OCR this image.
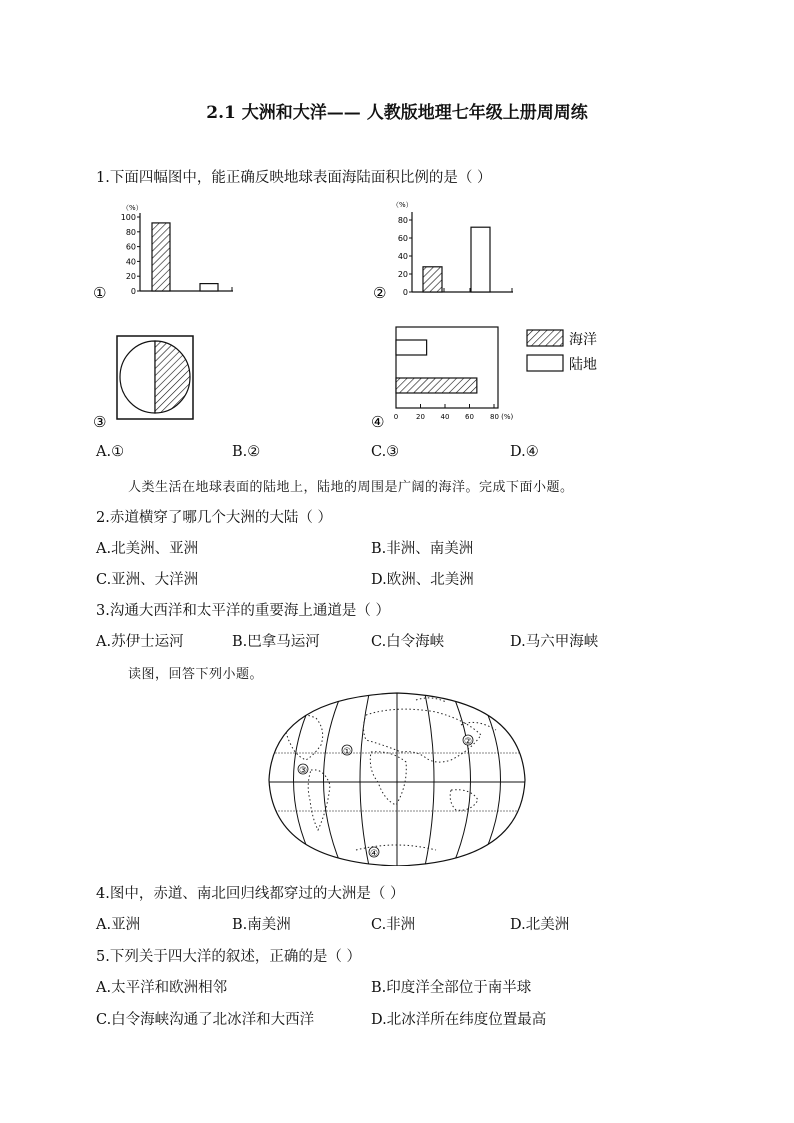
2.1 大洲和大洋—— 人教版地理七年级上册周周练
1.下面四幅图中，能正确反映地球表面海陆面积比例的是（ ）
（%）
100
80
60
40
20
0
①
（%）
80
60
40
20
0
②
③	0	20 40 60 80 (%)
④
海洋
陆地
A.①	B.②	C.③	D.④
人类生活在地球表面的陆地上，陆地的周围是广阔的海洋。完成下面小题。
2.赤道横穿了哪几个大洲的大陆（ ）
A.北美洲、亚洲	B.非洲、南美洲
C.亚洲、大洋洲	D.欧洲、北美洲
3.沟通大西洋和太平洋的重要海上通道是（ ）
A.苏伊士运河	B.巴拿马运河	C.白令海峡	D.马六甲海峡
读图，回答下列小题。
①
②
③
④
4.图中，赤道、南北回归线都穿过的大洲是（ ）
A.亚洲	B.南美洲	C.非洲	D.北美洲
5.下列关于四大洋的叙述，正确的是（ ）
A.太平洋和欧洲相邻	B.印度洋全部位于南半球
C.白令海峡沟通了北冰洋和大西洋	D.北冰洋所在纬度位置最高
